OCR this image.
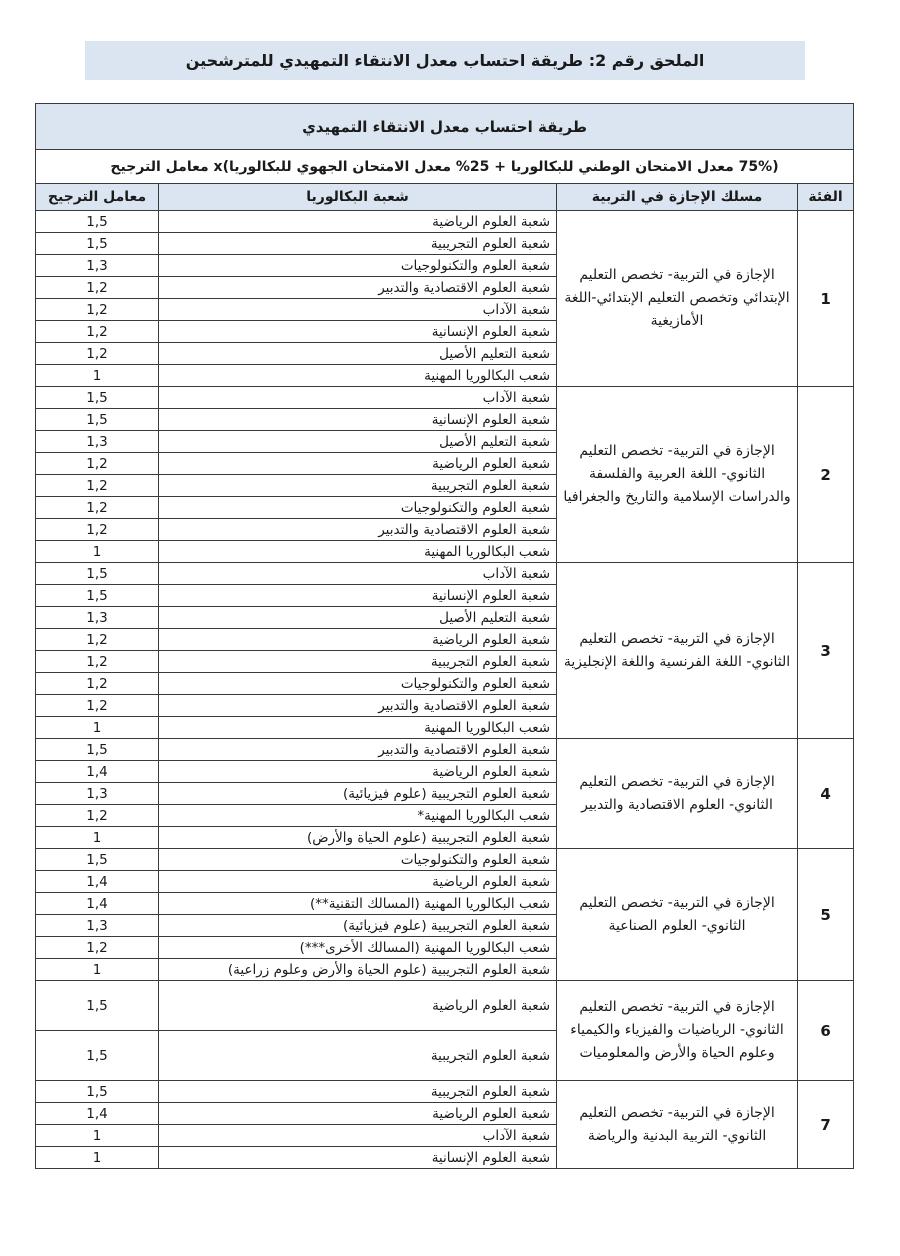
الملحق رقم 2: طريقة احتساب معدل الانتقاء التمهيدي للمترشحين
طريقة احتساب معدل الانتقاء التمهيدي			
(75% معدل الامتحان الوطني للبكالوريا + 25% معدل الامتحان الجهوي للبكالوريا)x معامل الترجيح			
الفئة	مسلك الإجازة في التربية	شعبة البكالوريا	معامل الترجيح
1	الإجازة في التربية- تخصص التعليم الإبتدائي وتخصص التعليم الإبتدائي-اللغة الأمازيغية	شعبة العلوم الرياضية	1,5
		شعبة العلوم التجريبية	1,5
		شعبة العلوم والتكنولوجيات	1,3
		شعبة العلوم الاقتصادية والتدبير	1,2
		شعبة الآداب	1,2
		شعبة العلوم الإنسانية	1,2
		شعبة التعليم الأصيل	1,2
		شعب البكالوريا المهنية	1
2	الإجازة في التربية- تخصص التعليم الثانوي- اللغة العربية والفلسفة والدراسات الإسلامية والتاريخ والجغرافيا	شعبة الآداب	1,5
		شعبة العلوم الإنسانية	1,5
		شعبة التعليم الأصيل	1,3
		شعبة العلوم الرياضية	1,2
		شعبة العلوم التجريبية	1,2
		شعبة العلوم والتكنولوجيات	1,2
		شعبة العلوم الاقتصادية والتدبير	1,2
		شعب البكالوريا المهنية	1
3	الإجازة في التربية- تخصص التعليم الثانوي- اللغة الفرنسية واللغة الإنجليزية	شعبة الآداب	1,5
		شعبة العلوم الإنسانية	1,5
		شعبة التعليم الأصيل	1,3
		شعبة العلوم الرياضية	1,2
		شعبة العلوم التجريبية	1,2
		شعبة العلوم والتكنولوجيات	1,2
		شعبة العلوم الاقتصادية والتدبير	1,2
		شعب البكالوريا المهنية	1
4	الإجازة في التربية- تخصص التعليم الثانوي- العلوم الاقتصادية والتدبير	شعبة العلوم الاقتصادية والتدبير	1,5
		شعبة العلوم الرياضية	1,4
		شعبة العلوم التجريبية (علوم فيزيائية)	1,3
		شعب البكالوريا المهنية*	1,2
		شعبة العلوم التجريبية (علوم الحياة والأرض)	1
5	الإجازة في التربية- تخصص التعليم الثانوي- العلوم الصناعية	شعبة العلوم والتكنولوجيات	1,5
		شعبة العلوم الرياضية	1,4
		شعب البكالوريا المهنية (المسالك التقنية**)	1,4
		شعبة العلوم التجريبية (علوم فيزيائية)	1,3
		شعب البكالوريا المهنية (المسالك الأخرى***)	1,2
		شعبة العلوم التجريبية (علوم الحياة والأرض وعلوم زراعية)	1
6	الإجازة في التربية- تخصص التعليم الثانوي- الرياضيات والفيزياء والكيمياء وعلوم الحياة والأرض والمعلوميات	شعبة العلوم الرياضية	1,5
		شعبة العلوم التجريبية	1,5
7	الإجازة في التربية- تخصص التعليم الثانوي- التربية البدنية والرياضة	شعبة العلوم التجريبية	1,5
		شعبة العلوم الرياضية	1,4
		شعبة الآداب	1
		شعبة العلوم الإنسانية	1
